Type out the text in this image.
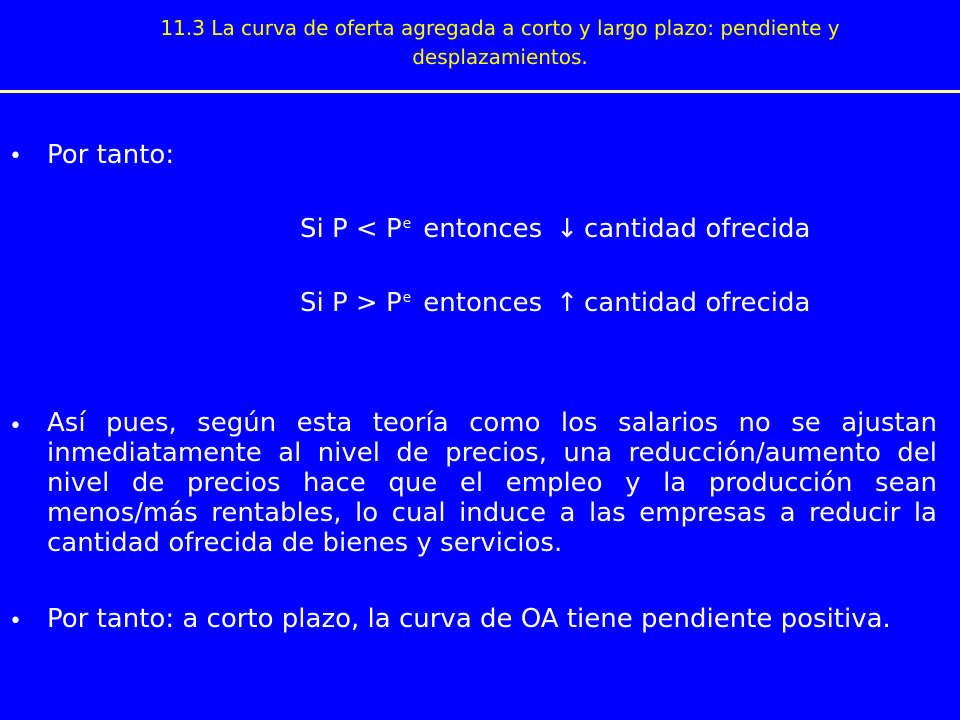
11.3 La curva de oferta agregada a corto y largo plazo: pendiente y desplazamientos.
• Por tanto:
Si $P < P^e$ entonces ↓ cantidad ofrecida
Si $P > P^e$ entonces ↑ cantidad ofrecida
• Así pues, según esta teoría como los salarios no se ajustan inmediatamente al nivel de precios, una reducción/aumento del nivel de precios hace que el empleo y la producción sean menos/más rentables, lo cual induce a las empresas a reducir la cantidad ofrecida de bienes y servicios.
• Por tanto: a corto plazo, la curva de OA tiene pendiente positiva.
